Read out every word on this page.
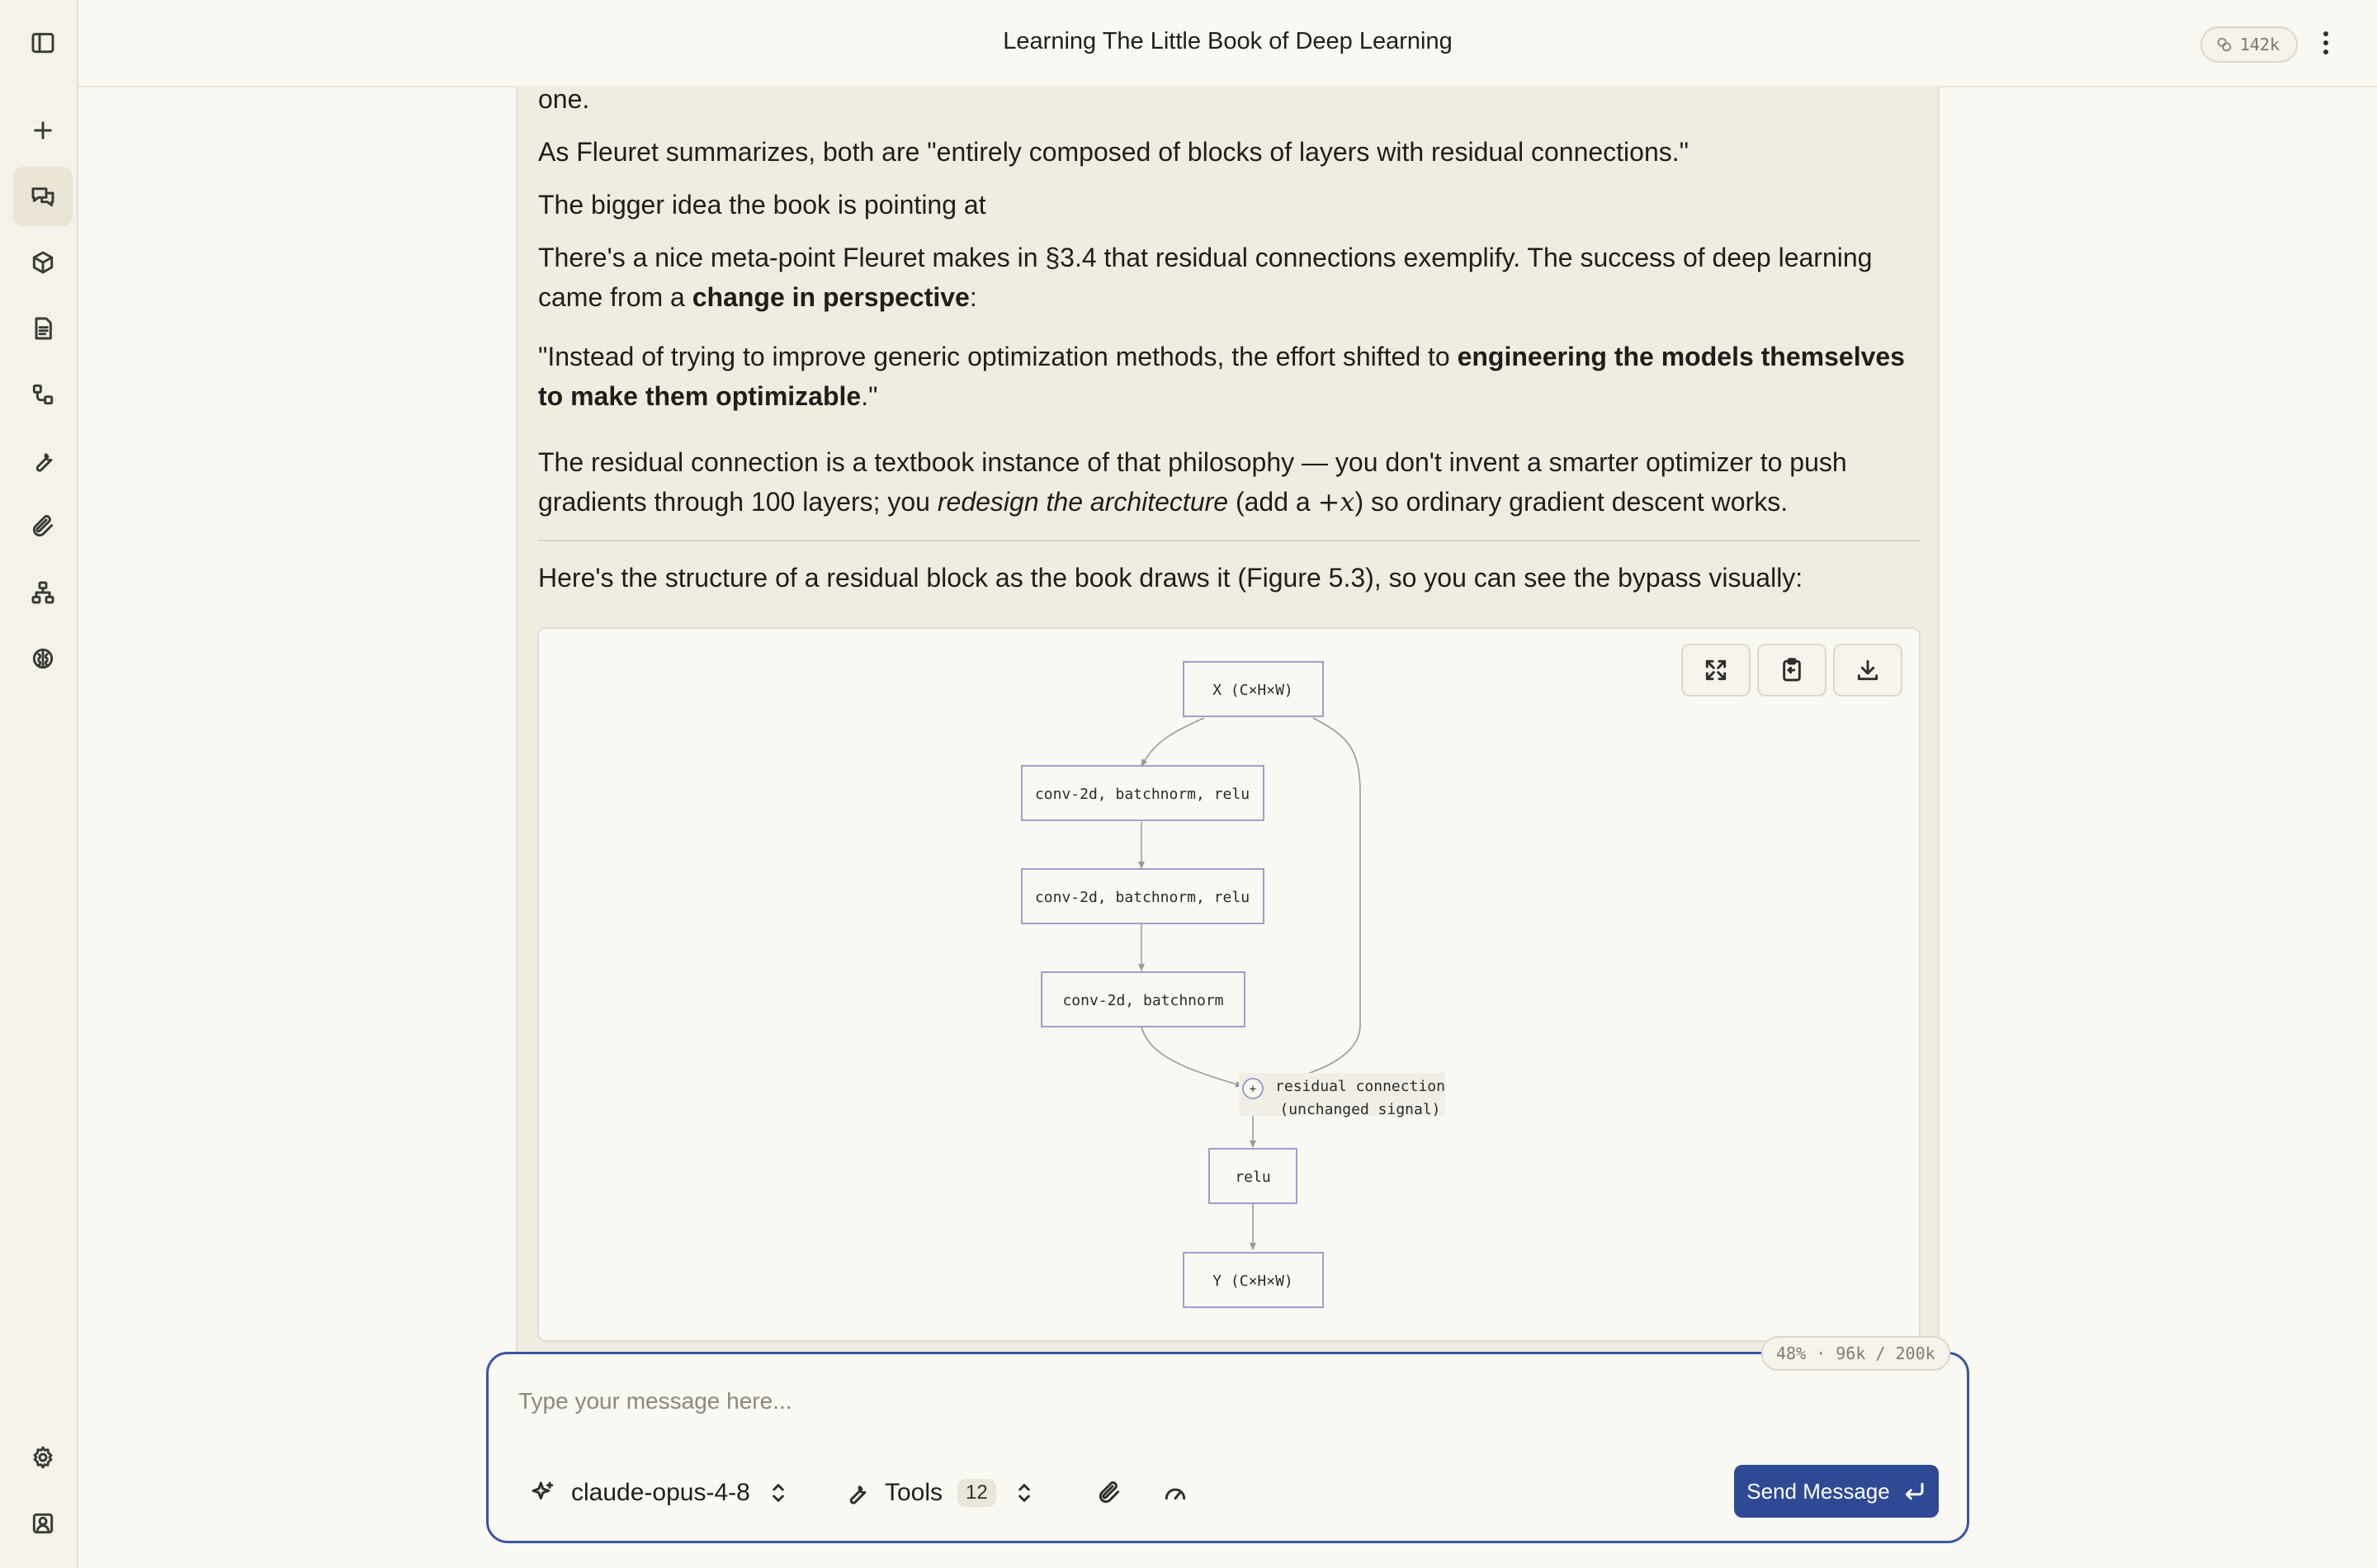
Learning The Little Book of Deep Learning	142k
one.
As Fleuret summarizes, both are "entirely composed of blocks of layers with residual connections."
The bigger idea the book is pointing at
There's a nice meta-point Fleuret makes in §3.4 that residual connections exemplify. The success of deep learning came from a change in perspective:
"Instead of trying to improve generic optimization methods, the effort shifted to engineering the models themselves to make them optimizable."
The residual connection is a textbook instance of that philosophy — you don't invent a smarter optimizer to push gradients through 100 layers; you redesign the architecture (add a +x) so ordinary gradient descent works.
Here's the structure of a residual block as the book draws it (Figure 5.3), so you can see the bypass visually:
residual connection
(unchanged signal)
X (C×H×W)
conv-2d, batchnorm, relu
conv-2d, batchnorm, relu
conv-2d, batchnorm
+
relu
Y (C×H×W)
48% · 96k / 200k
Type your message here...
claude-opus-4-8	Tools	12	Send Message
